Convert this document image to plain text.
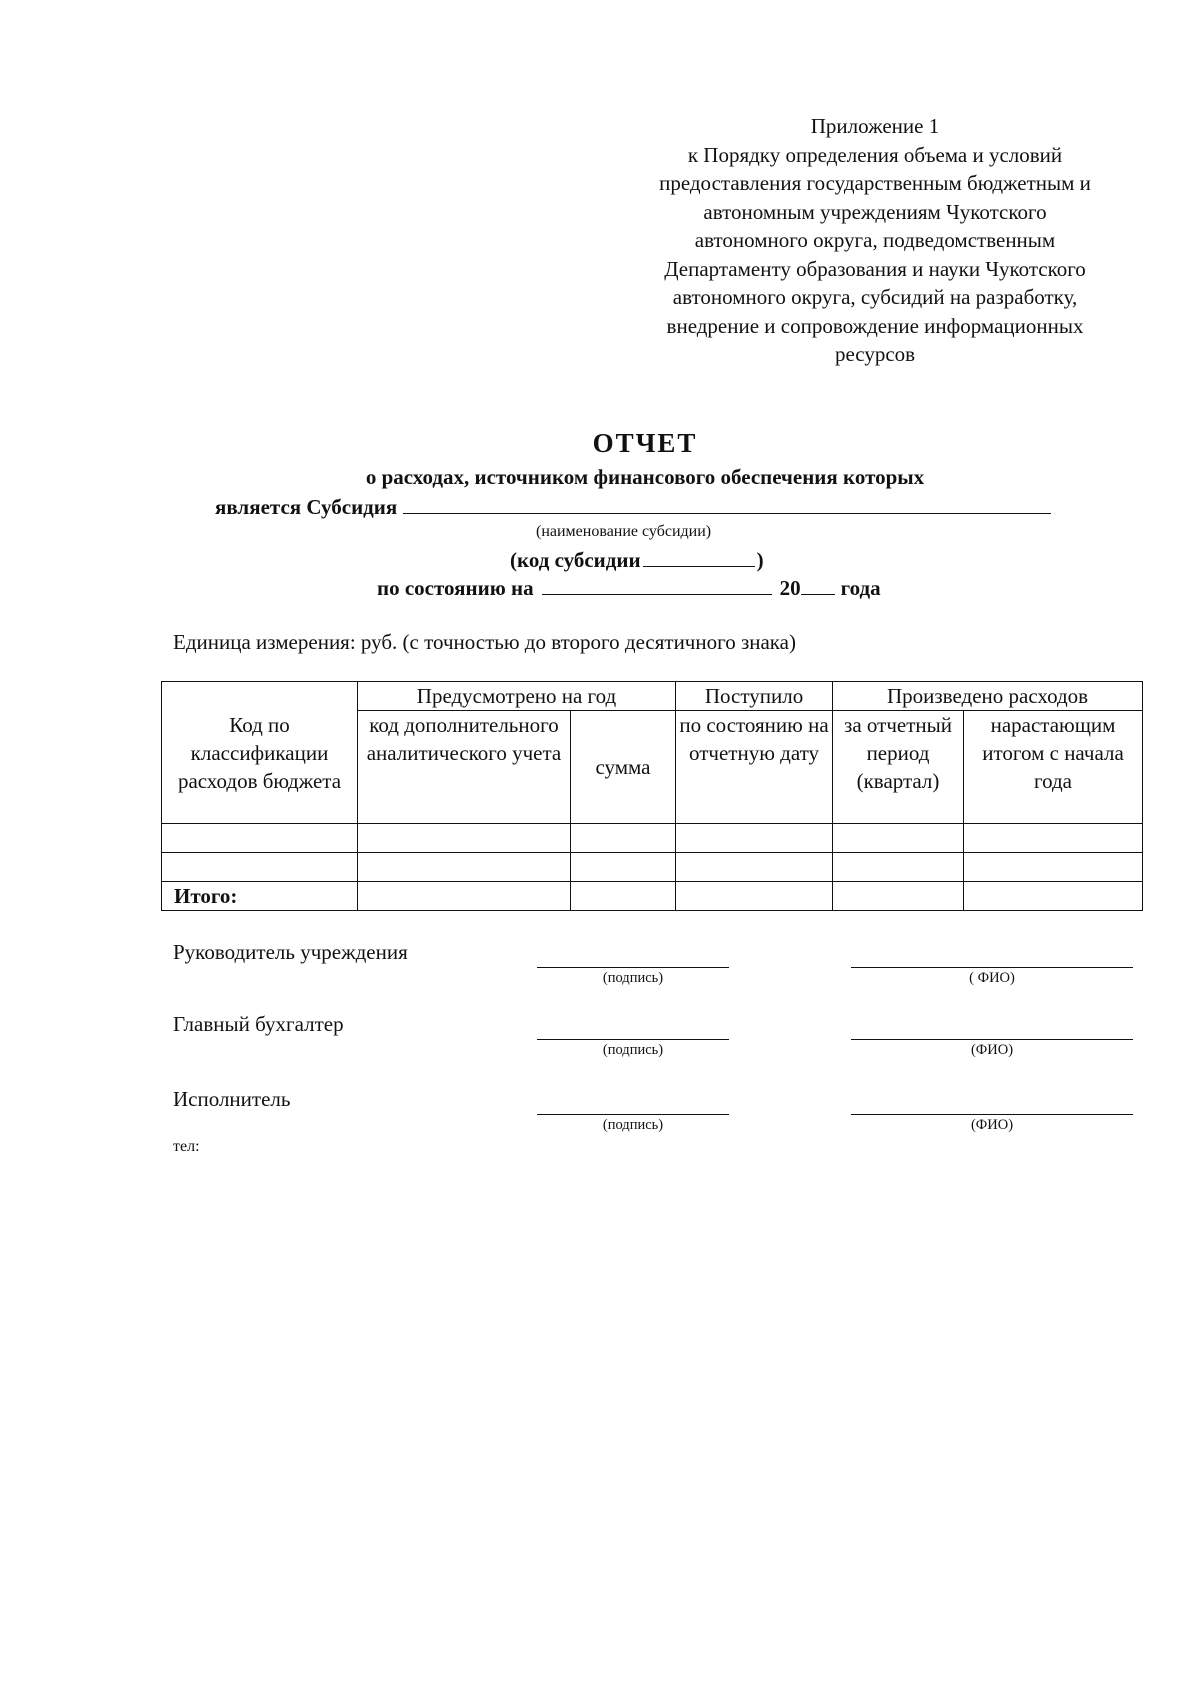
Приложение 1
к Порядку определения объема и условий
предоставления государственным бюджетным и
автономным учреждениям Чукотского
автономного округа, подведомственным
Департаменту образования и науки Чукотского
автономного округа, субсидий на разработку,
внедрение и сопровождение информационных
ресурсов
ОТЧЕТ
о расходах, источником финансового обеспечения которых
является Субсидия
(наименование субсидии)
(код субсидии	)
по состоянию на	20 года
Единица измерения: руб. (с точностью до второго десятичного знака)
Код по классификации расходов бюджета	Предусмотрено на год		Поступило	Произведено расходов	
	код дополнительного аналитического учета	сумма	по состоянию на отчетную дату	за отчетный период (квартал)	нарастающим итогом с начала года

Итого:					
Руководитель учреждения
(подпись)	( ФИО)
Главный бухгалтер
(подпись)	(ФИО)
Исполнитель
(подпись)	(ФИО)
тел:
